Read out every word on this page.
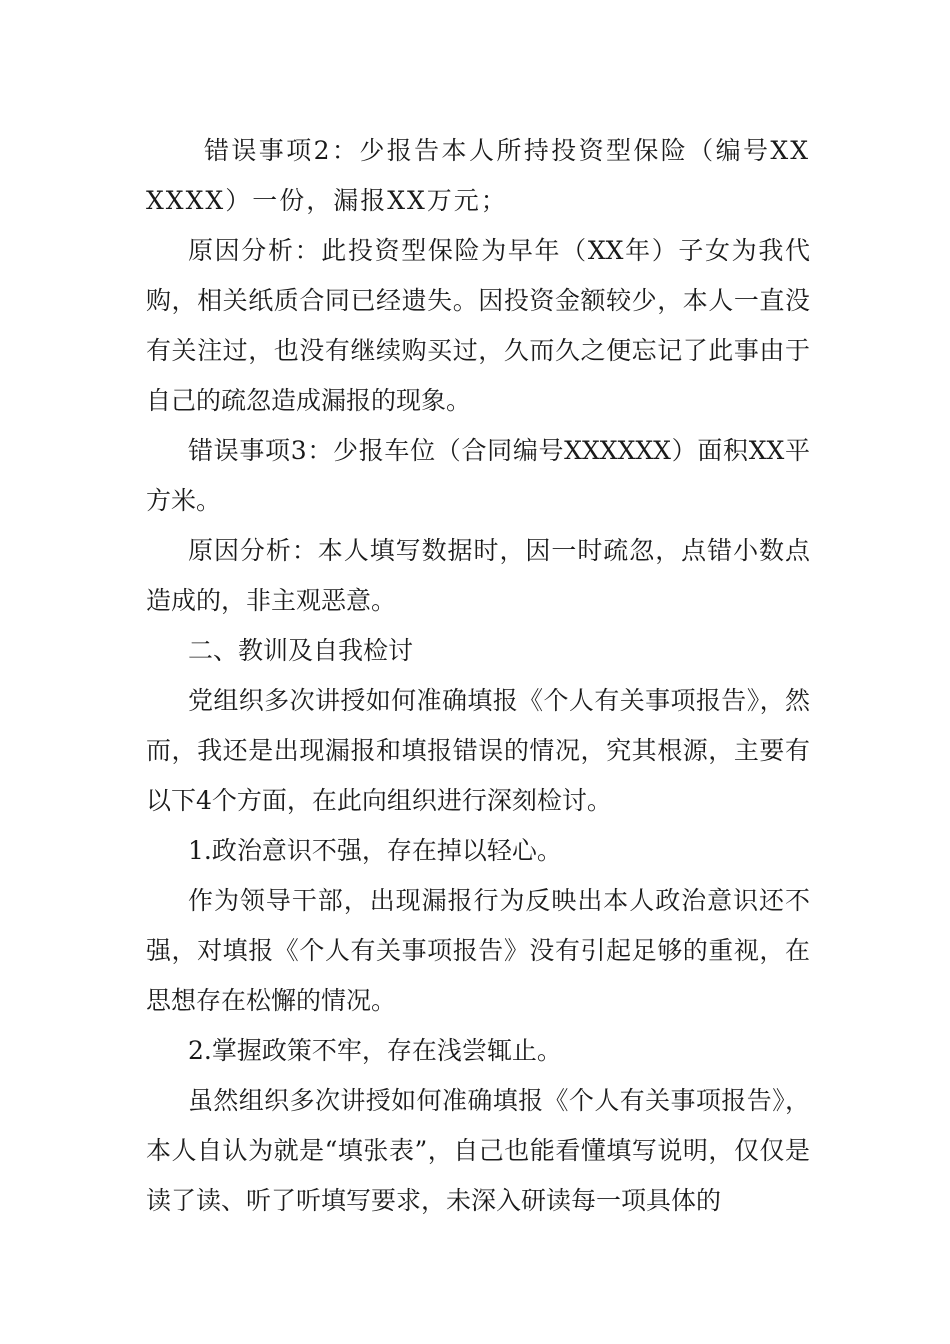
错误事项2：少报告本人所持投资型保险（编号XXXXXX）一份，漏报XX万元；

原因分析：此投资型保险为早年（XX年）子女为我代购，相关纸质合同已经遗失。因投资金额较少，本人一直没有关注过，也没有继续购买过，久而久之便忘记了此事由于自己的疏忽造成漏报的现象。

错误事项3：少报车位（合同编号XXXXXX）面积XX平方米。

原因分析：本人填写数据时，因一时疏忽，点错小数点造成的，非主观恶意。

二、教训及自我检讨

党组织多次讲授如何准确填报《个人有关事项报告》，然而，我还是出现漏报和填报错误的情况，究其根源，主要有以下4个方面，在此向组织进行深刻检讨。

1.政治意识不强，存在掉以轻心。

作为领导干部，出现漏报行为反映出本人政治意识还不强，对填报《个人有关事项报告》没有引起足够的重视，在思想存在松懈的情况。

2.掌握政策不牢，存在浅尝辄止。

虽然组织多次讲授如何准确填报《个人有关事项报告》，本人自认为就是“填张表”，自己也能看懂填写说明，仅仅是读了读、听了听填写要求，未深入研读每一项具体的
